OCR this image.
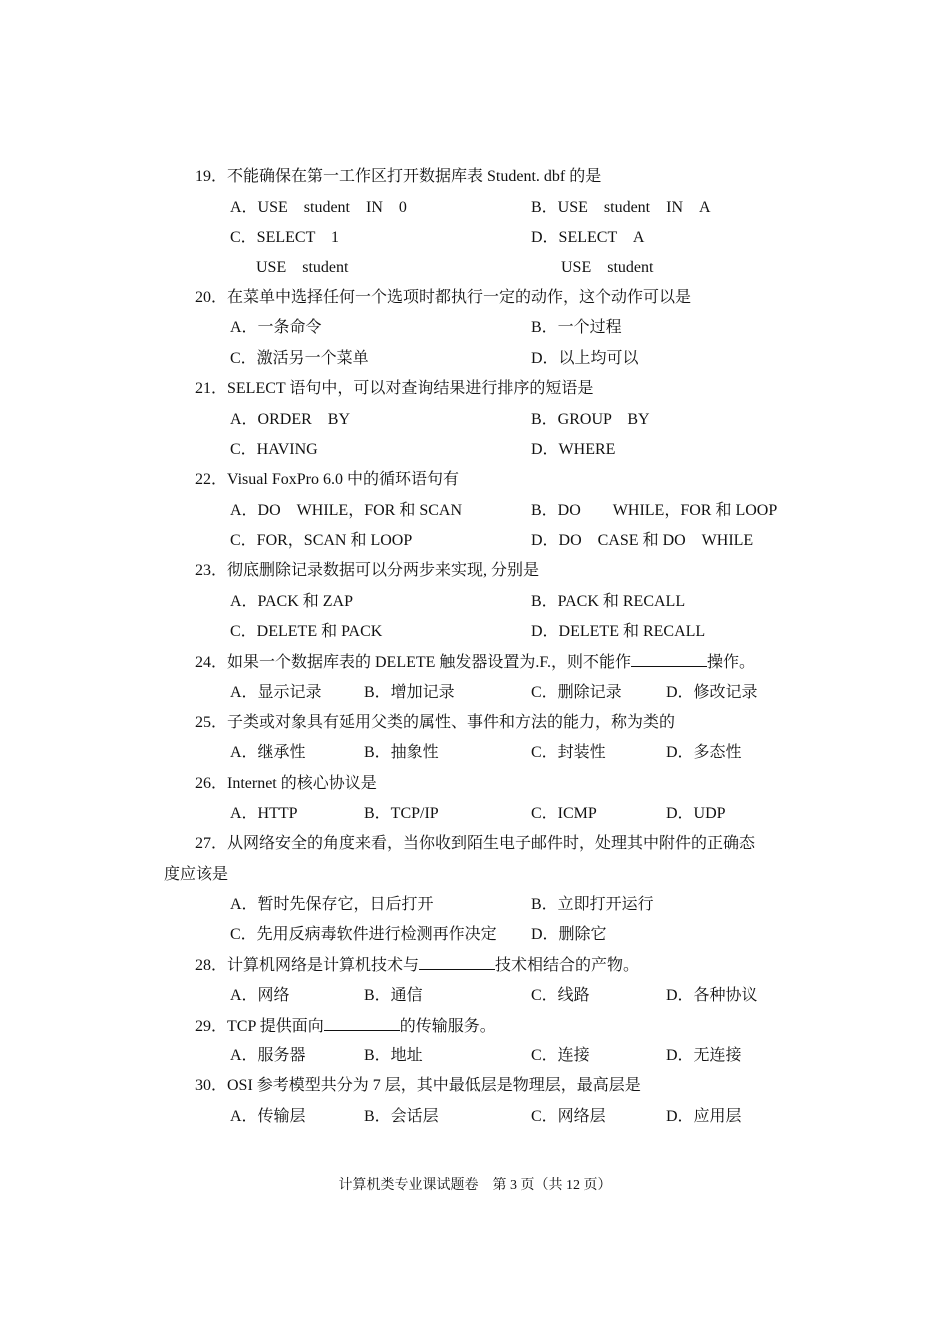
19．不能确保在第一工作区打开数据库表 Student. dbf 的是
A．USE　student　IN　0	B．USE　student　IN　A
C．SELECT　1	D．SELECT　A
USE　student	USE　student
20．在菜单中选择任何一个选项时都执行一定的动作，这个动作可以是
A．一条命令	B．一个过程
C．激活另一个菜单	D．以上均可以
21．SELECT 语句中，可以对查询结果进行排序的短语是
A．ORDER　BY	B．GROUP　BY
C．HAVING	D．WHERE
22．Visual FoxPro 6.0 中的循环语句有
A．DO　WHILE，FOR 和 SCAN	B．DO　　WHILE，FOR 和 LOOP
C．FOR，SCAN 和 LOOP	D．DO　CASE 和 DO　WHILE
23．彻底删除记录数据可以分两步来实现, 分别是
A．PACK 和 ZAP	B．PACK 和 RECALL
C．DELETE 和 PACK	D．DELETE 和 RECALL
24．如果一个数据库表的 DELETE 触发器设置为.F.，则不能作	操作。
A．显示记录	B．增加记录	C．删除记录	D．修改记录
25．子类或对象具有延用父类的属性、事件和方法的能力，称为类的
A．继承性	B．抽象性	C．封装性	D．多态性
26．Internet 的核心协议是
A．HTTP	B．TCP/IP	C．ICMP	D．UDP
27．从网络安全的角度来看，当你收到陌生电子邮件时，处理其中附件的正确态
度应该是
A．暂时先保存它，日后打开	B．立即打开运行
C．先用反病毒软件进行检测再作决定 D．删除它
28．计算机网络是计算机技术与	技术相结合的产物。
A．网络	B．通信	C．线路	D．各种协议
29．TCP 提供面向	的传输服务。
A．服务器	B．地址	C．连接	D．无连接
30．OSI 参考模型共分为 7 层，其中最低层是物理层，最高层是
A．传输层	B．会话层	C．网络层	D．应用层
计算机类专业课试题卷　第 3 页（共 12 页）
